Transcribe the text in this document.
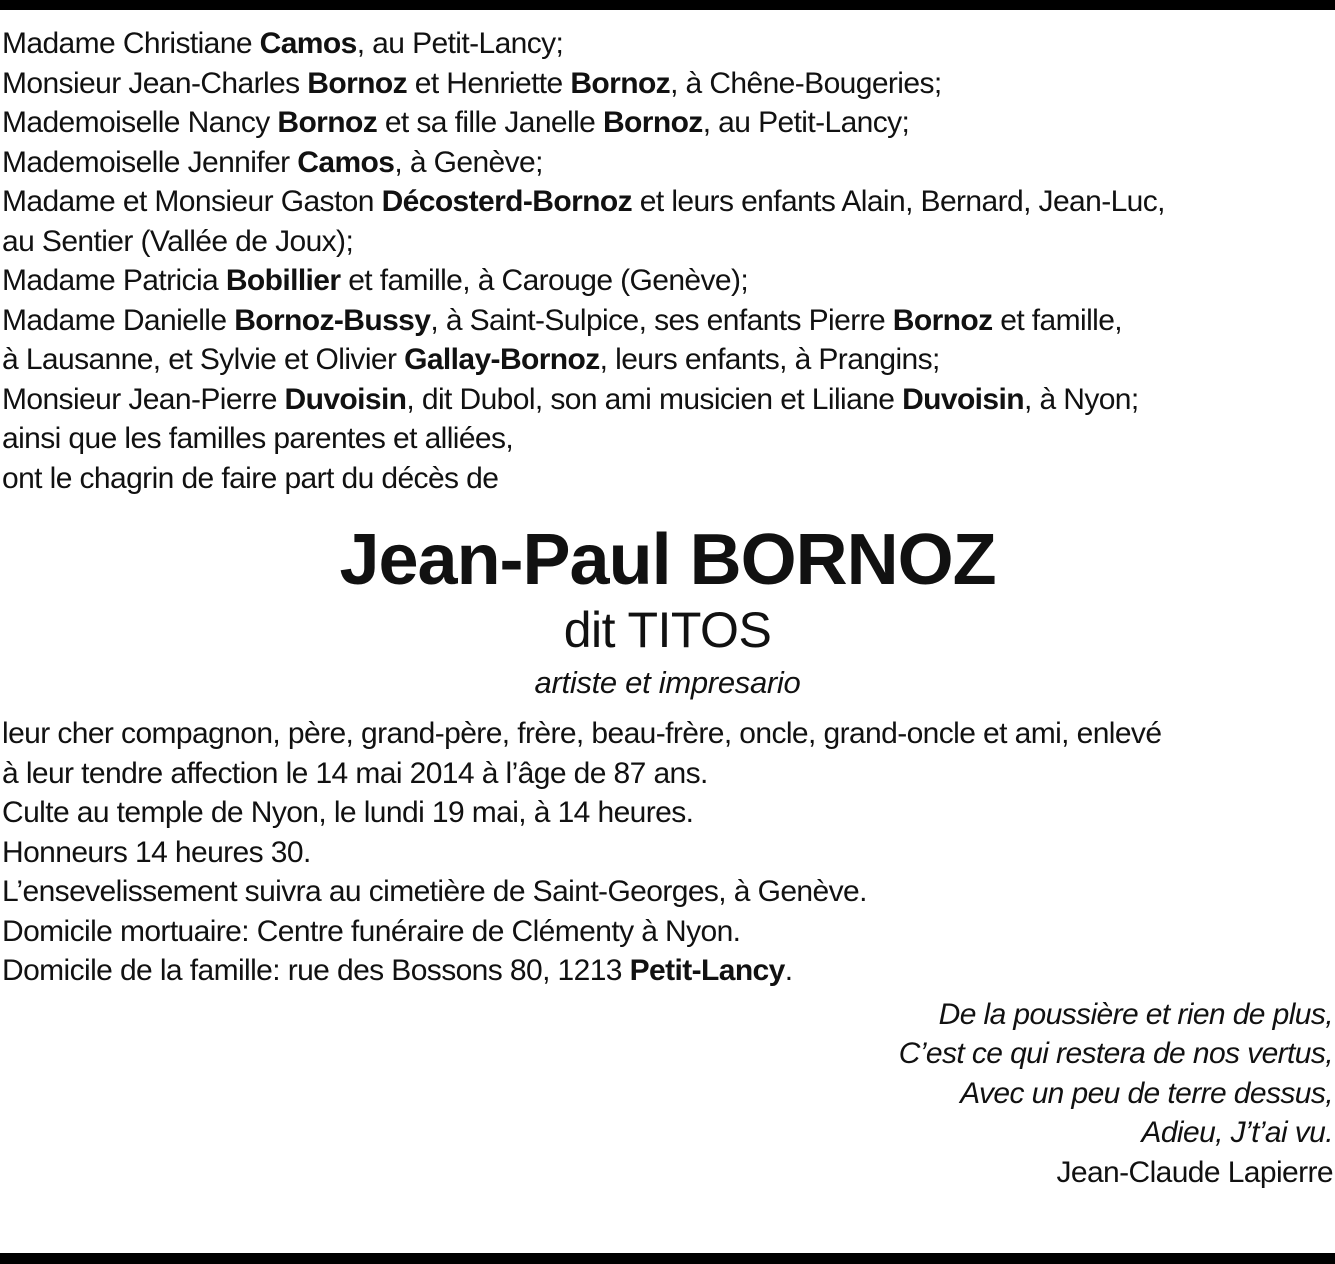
Madame Christiane Camos, au Petit-Lancy;
Monsieur Jean-Charles Bornoz et Henriette Bornoz, à Chêne-Bougeries;
Mademoiselle Nancy Bornoz et sa fille Janelle Bornoz, au Petit-Lancy;
Mademoiselle Jennifer Camos, à Genève;
Madame et Monsieur Gaston Décosterd-Bornoz et leurs enfants Alain, Bernard, Jean-Luc,
au Sentier (Vallée de Joux);
Madame Patricia Bobillier et famille, à Carouge (Genève);
Madame Danielle Bornoz-Bussy, à Saint-Sulpice, ses enfants Pierre Bornoz et famille,
à Lausanne, et Sylvie et Olivier Gallay-Bornoz, leurs enfants, à Prangins;
Monsieur Jean-Pierre Duvoisin, dit Dubol, son ami musicien et Liliane Duvoisin, à Nyon;
ainsi que les familles parentes et alliées,
ont le chagrin de faire part du décès de
Jean-Paul BORNOZ
dit TITOS
artiste et impresario
leur cher compagnon, père, grand-père, frère, beau-frère, oncle, grand-oncle et ami, enlevé
à leur tendre affection le 14 mai 2014 à l’âge de 87 ans.
Culte au temple de Nyon, le lundi 19 mai, à 14 heures.
Honneurs 14 heures 30.
L’ensevelissement suivra au cimetière de Saint-Georges, à Genève.
Domicile mortuaire: Centre funéraire de Clémenty à Nyon.
Domicile de la famille: rue des Bossons 80, 1213 Petit-Lancy.
De la poussière et rien de plus,
C’est ce qui restera de nos vertus,
Avec un peu de terre dessus,
Adieu, J’t’ai vu.
Jean-Claude Lapierre
